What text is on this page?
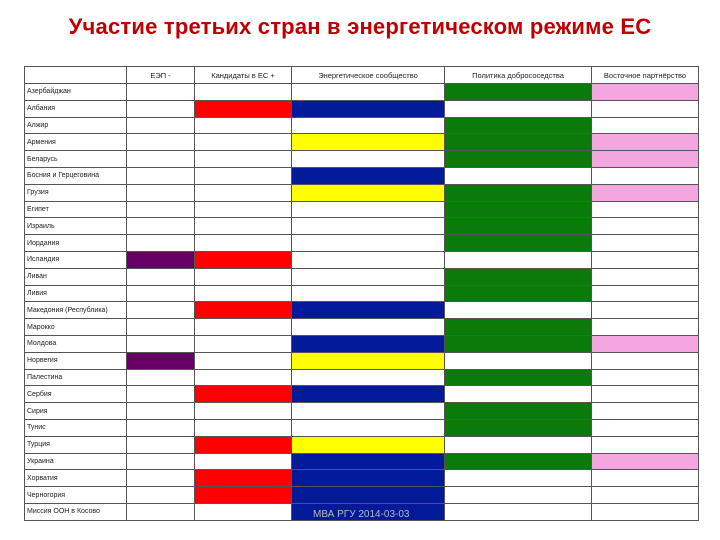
Участие третьих стран в энергетическом режиме ЕС
	ЕЭП -	Кандидаты в ЕС +	Энергетическое сообщество	Политика добрососедства	Восточное партнёрство
Азербайджан					
Албания					
Алжир					
Армения					
Беларусь					
Босния и Герцеговина					
Грузия					
Египет					
Израиль					
Иордания					
Исландия					
Ливан					
Ливия					
Македония (Республика)					
Марокко					
Молдова					
Норвегия					
Палестина					
Сербия					
Сирия					
Тунис					
Турция					
Украина					
Хорватия					
Черногория					
Миссия ООН в Косово						МВА РГУ 2014-03-03
